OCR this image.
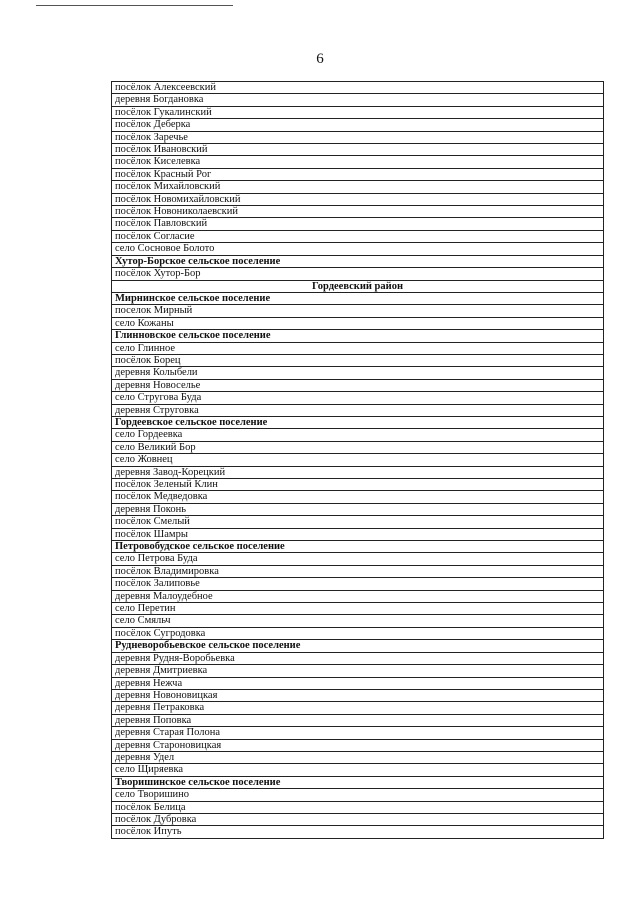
6
посёлок Алексеевский
деревня Богдановка
посёлок Гукалинский
посёлок Деберка
посёлок Заречье
посёлок Ивановский
посёлок Киселевка
посёлок Красный Рог
посёлок Михайловский
посёлок Новомихайловский
посёлок Новониколаевский
посёлок Павловский
посёлок Согласие
село Сосновое Болото
Хутор-Борское сельское поселение
посёлок Хутор-Бор
Гордеевский район
Мирнинское сельское поселение
поселок Мирный
село Кожаны
Глинновское сельское поселение
село Глинное
посёлок Борец
деревня Колыбели
деревня Новоселье
село Стругова Буда
деревня Струговка
Гордеевское сельское поселение
село Гордеевка
село Великий Бор
село Жовнец
деревня Завод-Корецкий
посёлок Зеленый Клин
посёлок Медведовка
деревня Поконь
посёлок Смелый
посёлок Шамры
Петровобудское сельское поселение
село Петрова Буда
посёлок Владимировка
посёлок Залиповье
деревня Малоудебное
село Перетин
село Смяльч
посёлок Сугродовка
Рудневоробьевское сельское поселение
деревня Рудня-Воробьевка
деревня Дмитриевка
деревня Нежча
деревня Новоновицкая
деревня Петраковка
деревня Поповка
деревня Старая Полона
деревня Староновицкая
деревня Удел
село Щиряевка
Творишинское сельское поселение
село Творишино
посёлок Белица
посёлок Дубровка
посёлок Ипуть
